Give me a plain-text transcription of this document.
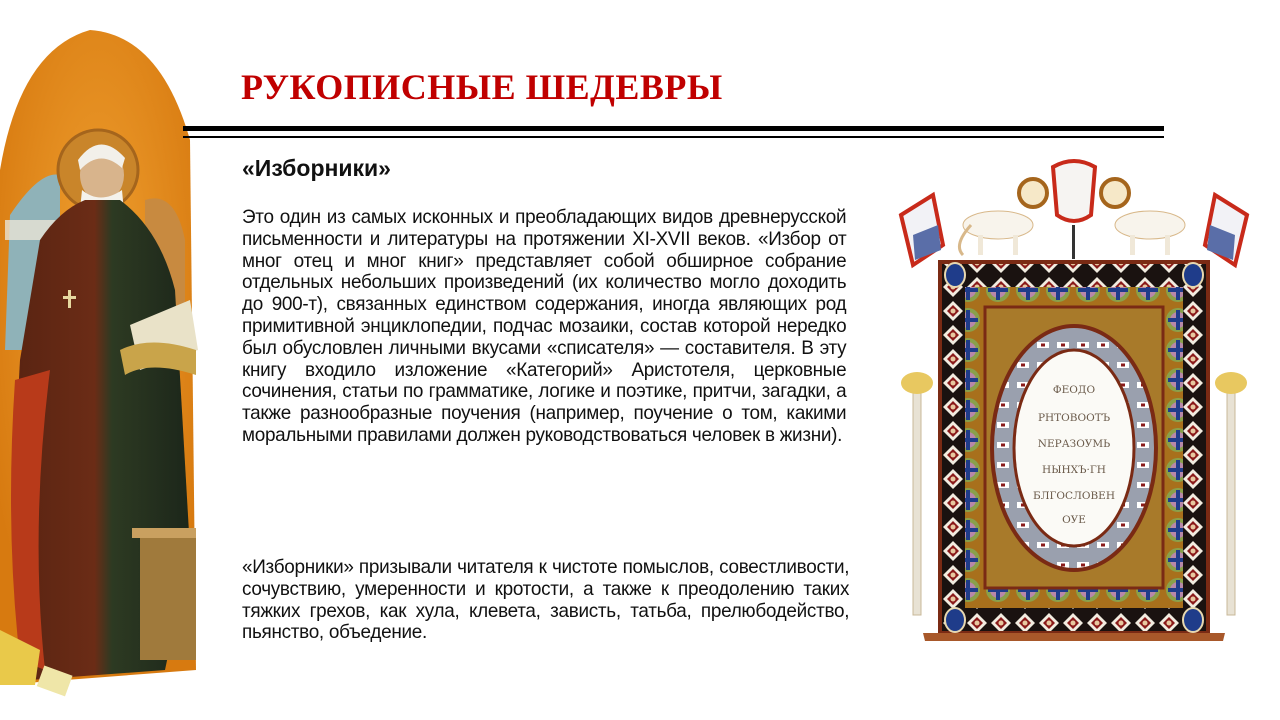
РУКОПИСНЫЕ ШЕДЕВРЫ
«Изборники»

Это один из самых исконных и преобладающих видов древнерусской письменности и литературы на протяжении XI-XVII веков. «Избор от мног отец и мног книг» представляет собой обширное собрание отдельных небольших произведений (их количество могло доходить до 900-т), связанных единством содержания, иногда являющих род примитивной энциклопедии, подчас мозаики, состав которой нередко был обусловлен личными вкусами «списателя» — составителя. В эту книгу входило изложение «Категорий» Аристотеля, церковные сочинения, статьи по грамматике, логике и поэтике, притчи, загадки, а также разнообразные поучения (например, поучение о том, какими моральными правилами должен руководствоваться человек в жизни).

«Изборники» призывали читателя к чистоте помыслов, совестливости, сочувствию, умеренности и кротости, а также к преодолению таких тяжких грехов, как хула, клевета, зависть, татьба, прелюбодейство, пьянство, объедение.

ФЕОДО
РНТОВООТЪ
NЕРАЗОУМЬ
НЫНХЪ·ГН
БЛГОСЛОВЕН
ОУЕ
